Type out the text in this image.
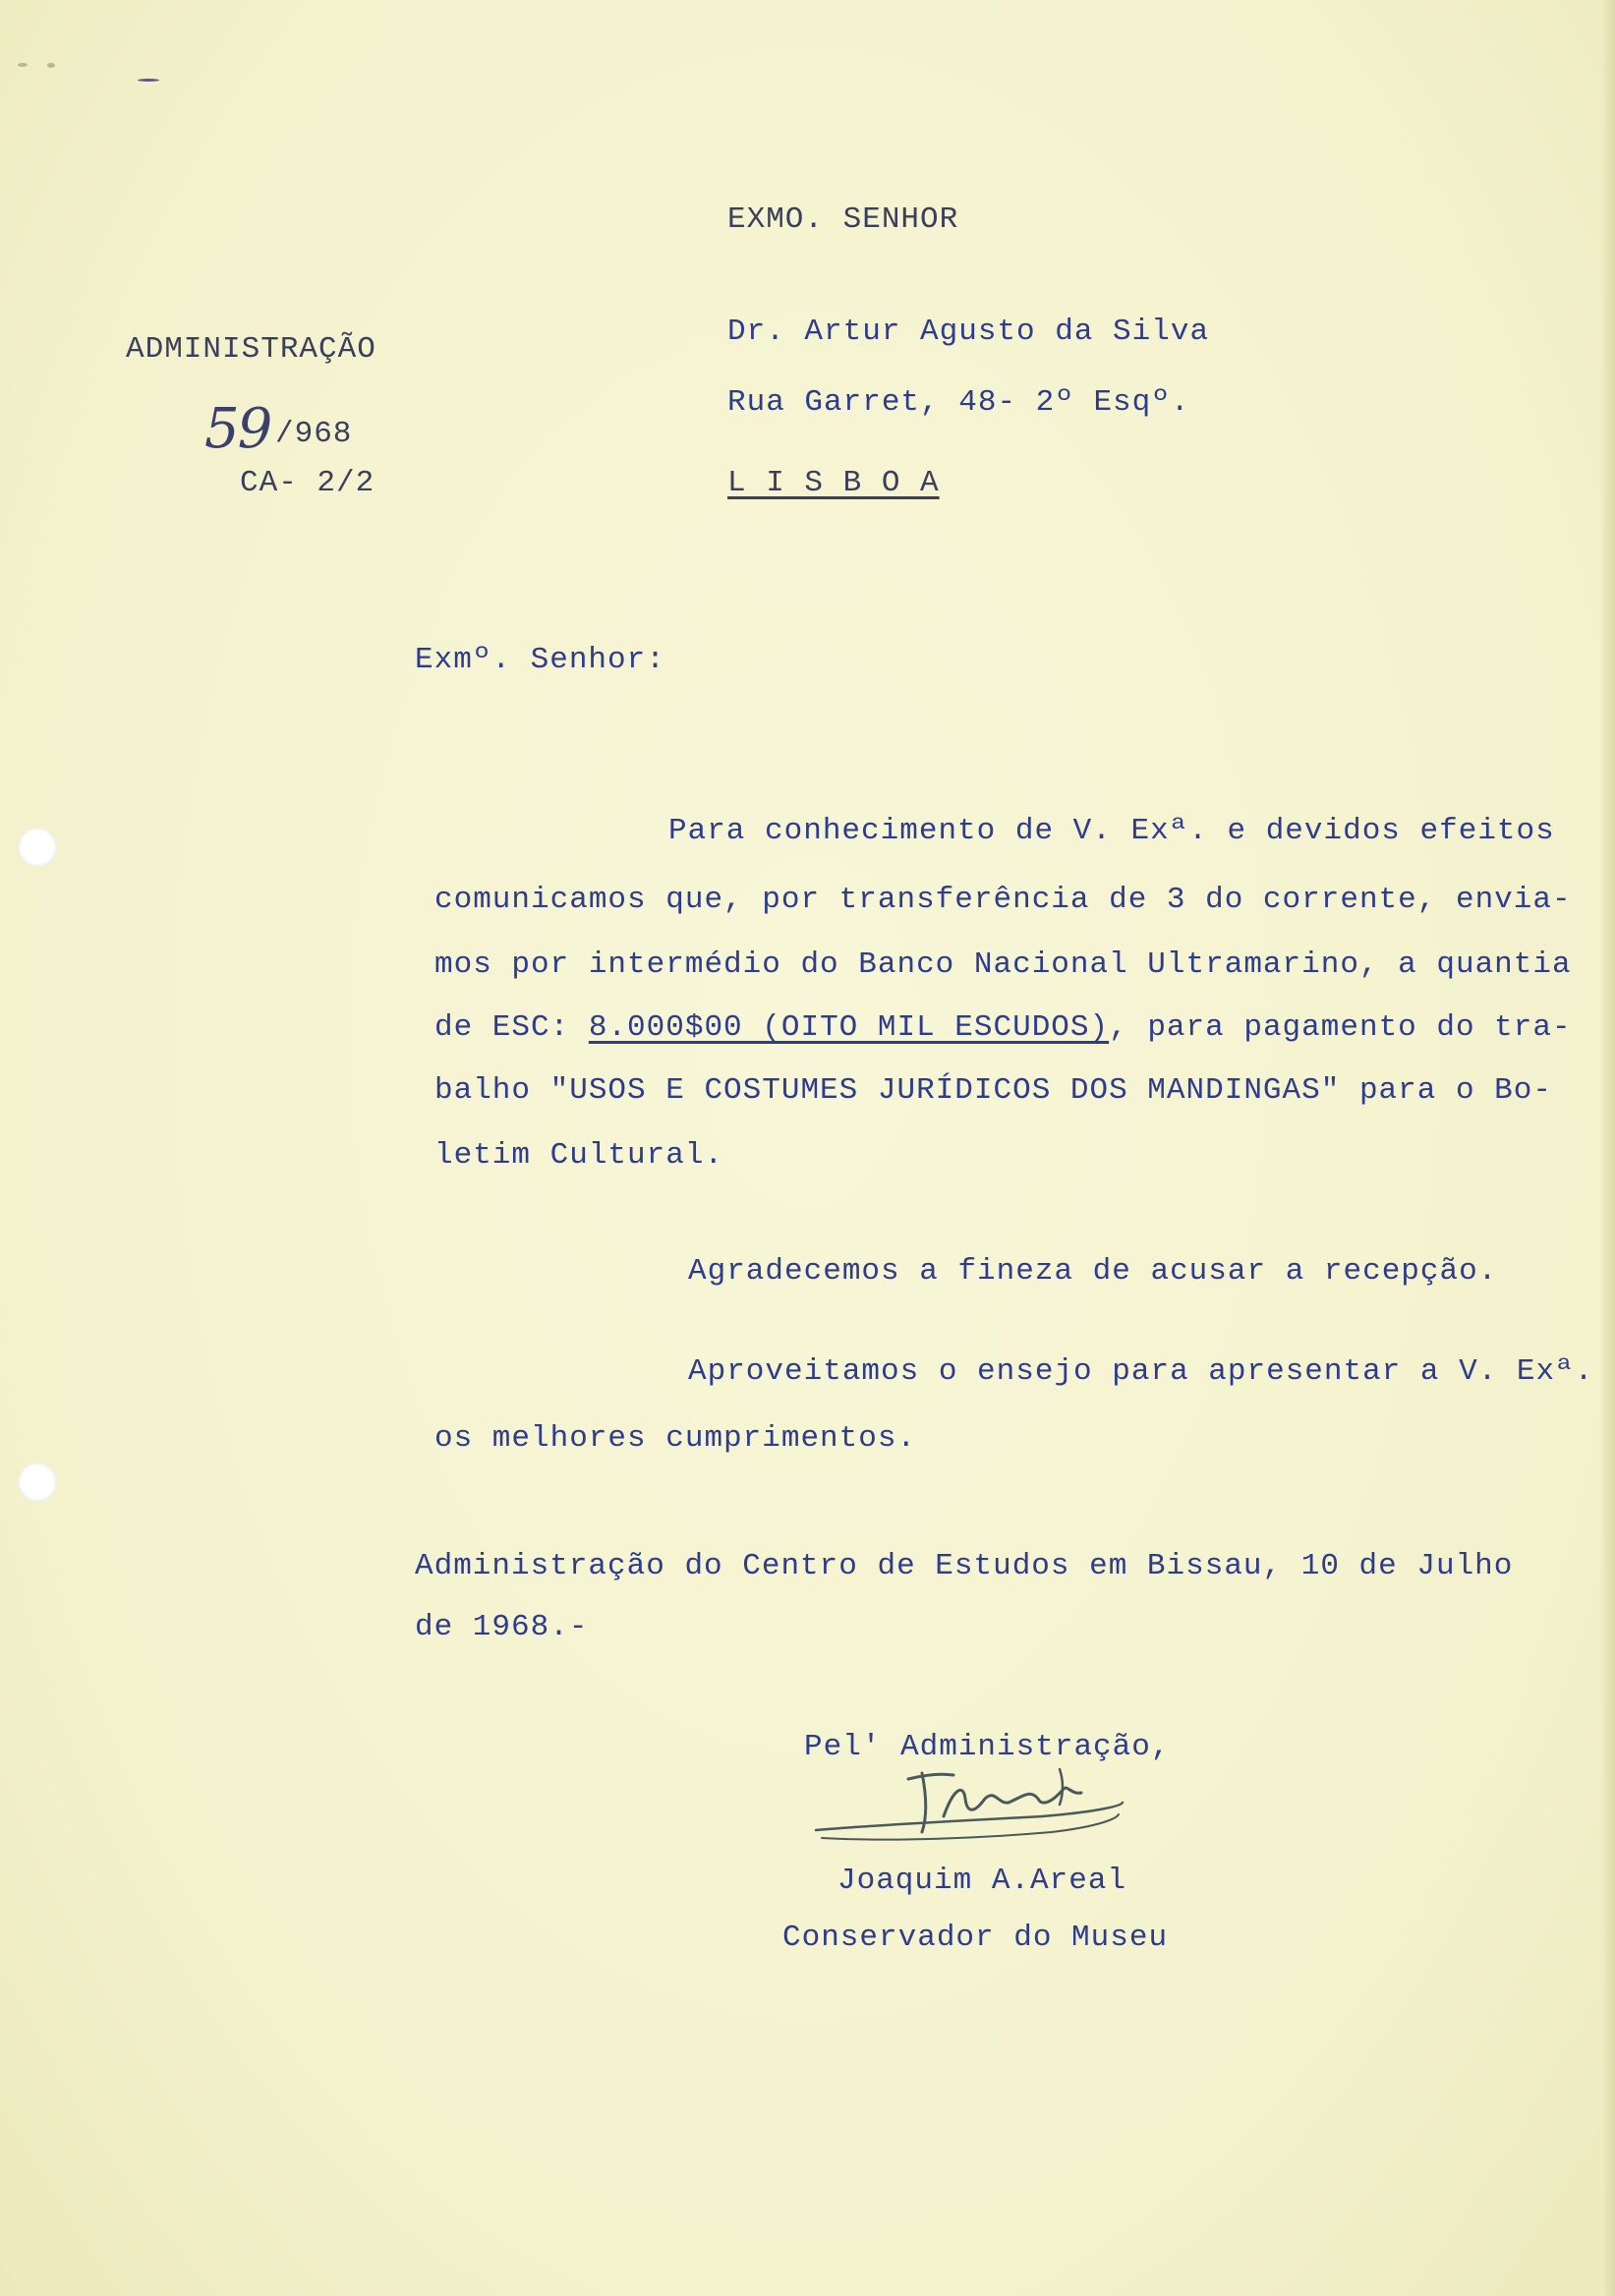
EXMO. SENHOR
ADMINISTRAÇÃO
59 /968
CA- 2/2
Dr. Artur Agusto da Silva
Rua Garret, 48- 2º Esqº.
L I S B O A
Exmº. Senhor:
Para conhecimento de V. Exª. e devidos efeitos
comunicamos que, por transferência de 3 do corrente, envia-
mos por intermédio do Banco Nacional Ultramarino, a quantia
de ESC: 8.000$00 (OITO MIL ESCUDOS), para pagamento do tra-
balho "USOS E COSTUMES JURÍDICOS DOS MANDINGAS" para o Bo-
letim Cultural.
Agradecemos a fineza de acusar a recepção.
Aproveitamos o ensejo para apresentar a V. Exª.
os melhores cumprimentos.
Administração do Centro de Estudos em Bissau, 10 de Julho
de 1968.-
Pel' Administração,
Joaquim A.Areal
Conservador do Museu
